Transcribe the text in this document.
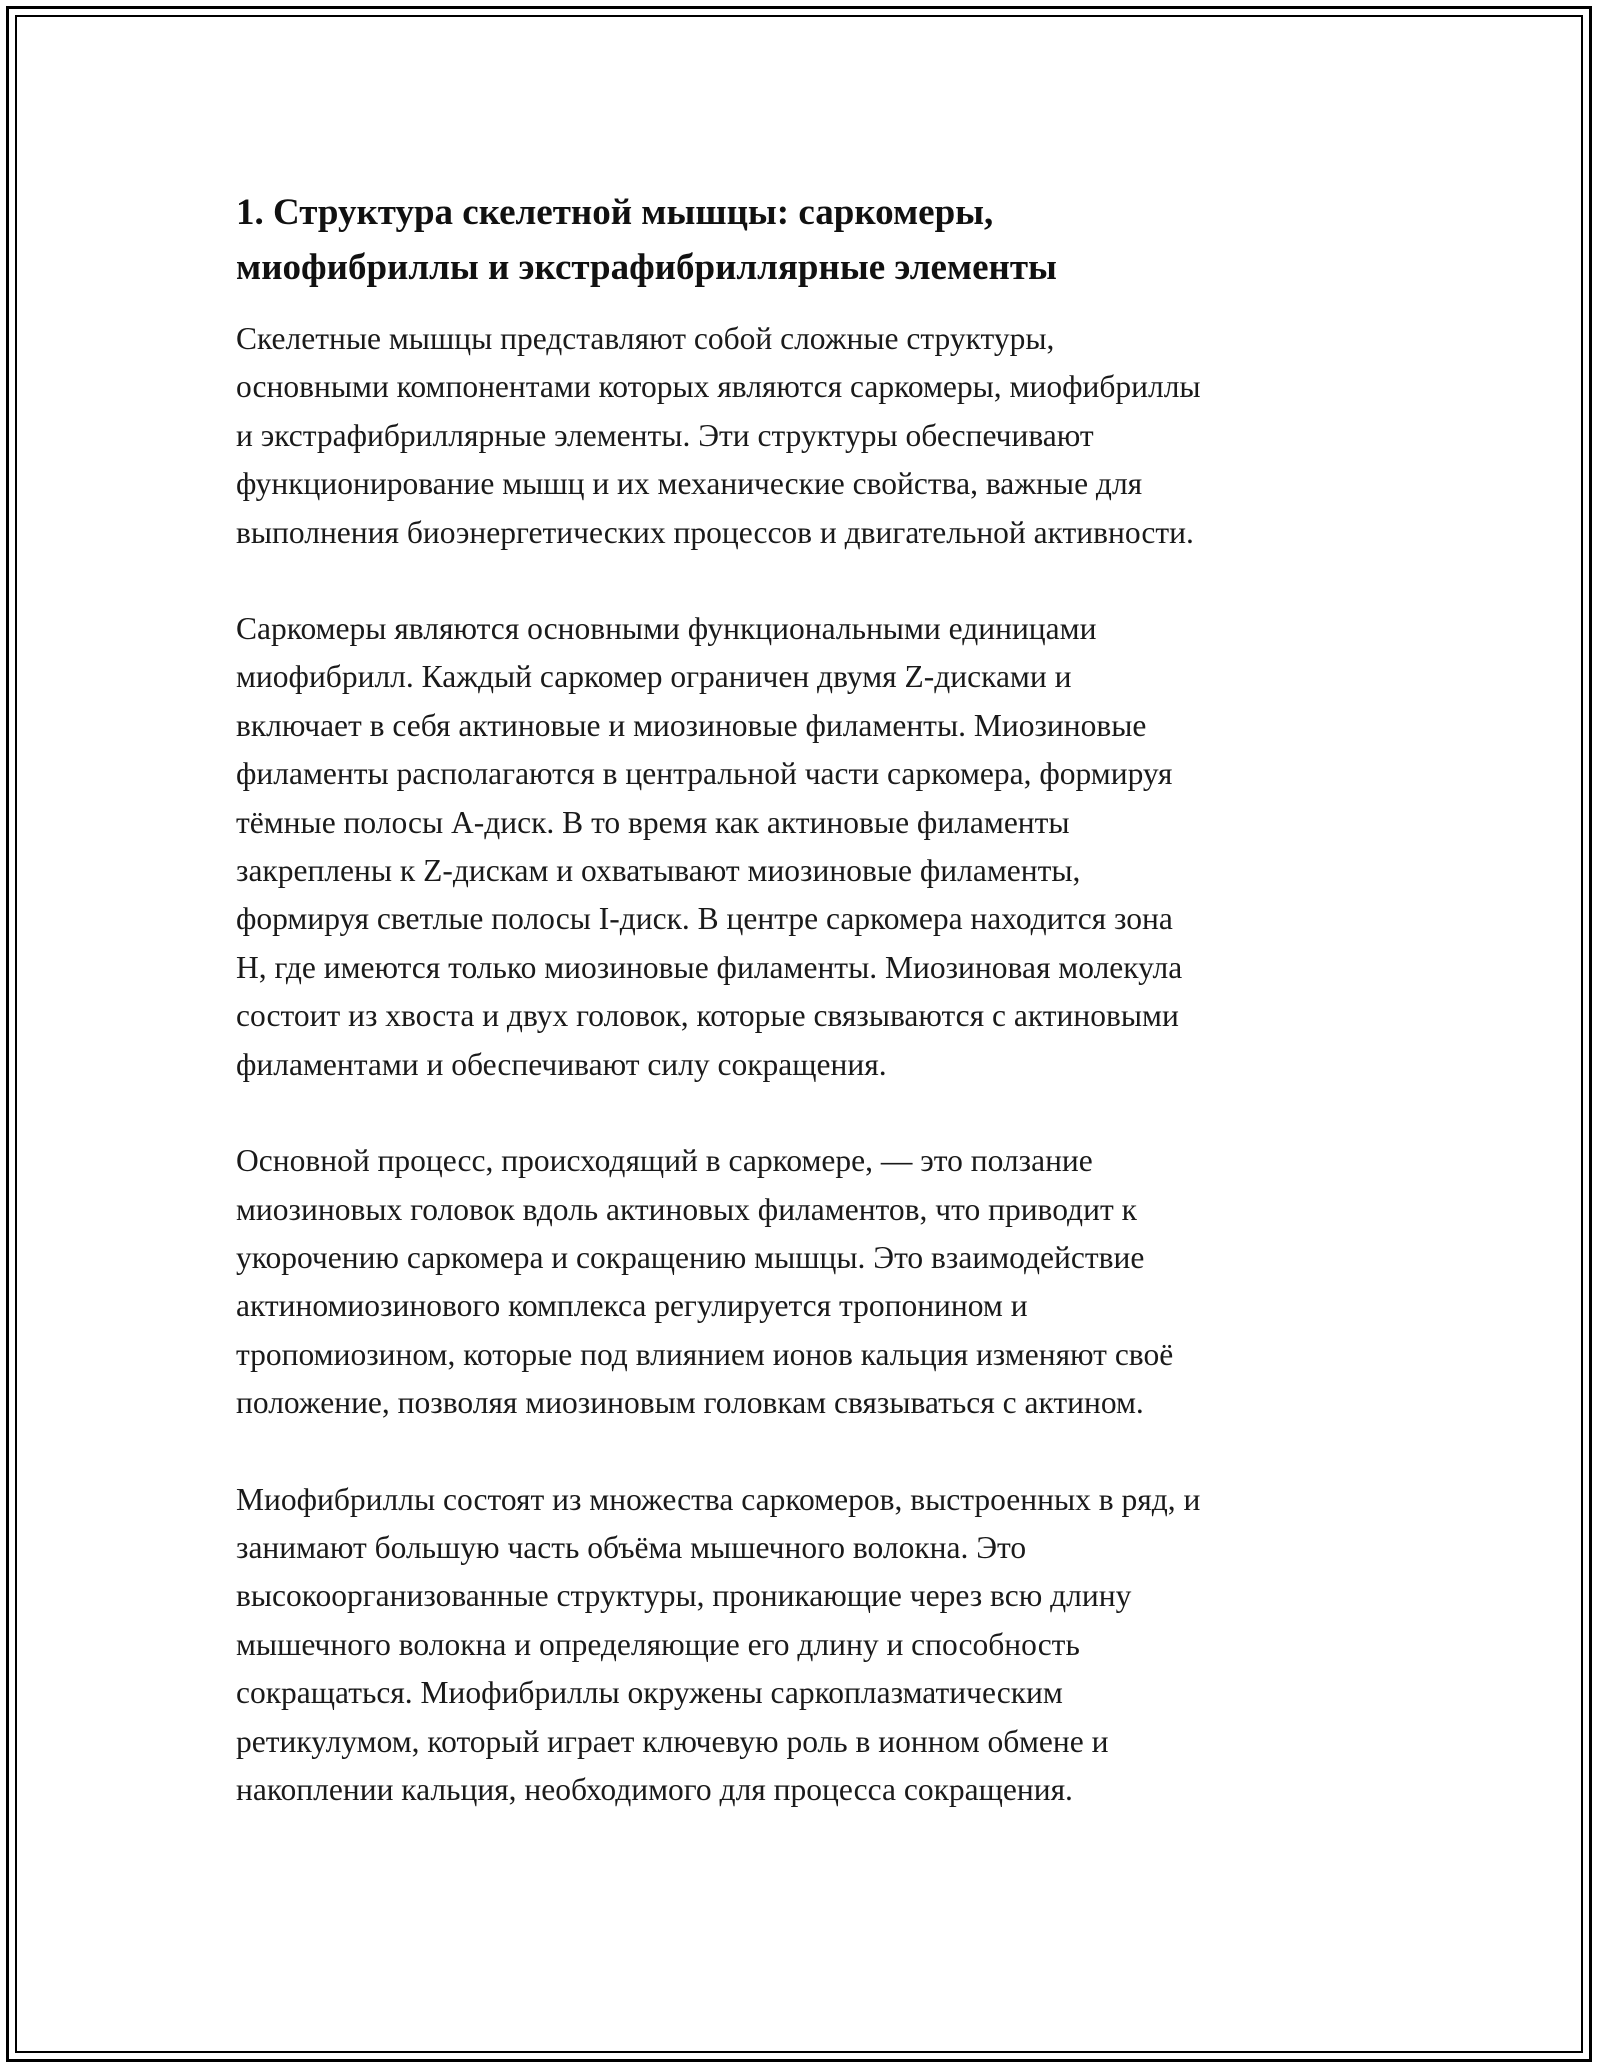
1. Структура скелетной мышцы: саркомеры,
миофибриллы и экстрафибриллярные элементы

Скелетные мышцы представляют собой сложные структуры,
основными компонентами которых являются саркомеры, миофибриллы
и экстрафибриллярные элементы. Эти структуры обеспечивают
функционирование мышц и их механические свойства, важные для
выполнения биоэнергетических процессов и двигательной активности.

Саркомеры являются основными функциональными единицами
миофибрилл. Каждый саркомер ограничен двумя Z-дисками и
включает в себя актиновые и миозиновые филаменты. Миозиновые
филаменты располагаются в центральной части саркомера, формируя
тёмные полосы А-диск. В то время как актиновые филаменты
закреплены к Z-дискам и охватывают миозиновые филаменты,
формируя светлые полосы I-диск. В центре саркомера находится зона
H, где имеются только миозиновые филаменты. Миозиновая молекула
состоит из хвоста и двух головок, которые связываются с актиновыми
филаментами и обеспечивают силу сокращения.

Основной процесс, происходящий в саркомере, — это ползание
миозиновых головок вдоль актиновых филаментов, что приводит к
укорочению саркомера и сокращению мышцы. Это взаимодействие
актиномиозинового комплекса регулируется тропонином и
тропомиозином, которые под влиянием ионов кальция изменяют своё
положение, позволяя миозиновым головкам связываться с актином.

Миофибриллы состоят из множества саркомеров, выстроенных в ряд, и
занимают большую часть объёма мышечного волокна. Это
высокоорганизованные структуры, проникающие через всю длину
мышечного волокна и определяющие его длину и способность
сокращаться. Миофибриллы окружены саркоплазматическим
ретикулумом, который играет ключевую роль в ионном обмене и
накоплении кальция, необходимого для процесса сокращения.
